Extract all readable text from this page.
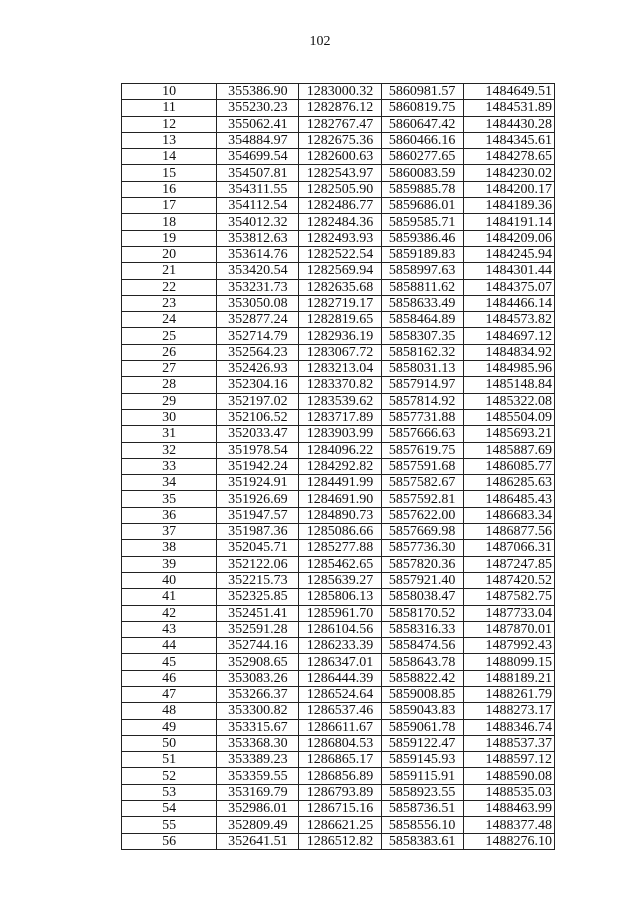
102
10	355386.90	1283000.32	5860981.57	1484649.51
11	355230.23	1282876.12	5860819.75	1484531.89
12	355062.41	1282767.47	5860647.42	1484430.28
13	354884.97	1282675.36	5860466.16	1484345.61
14	354699.54	1282600.63	5860277.65	1484278.65
15	354507.81	1282543.97	5860083.59	1484230.02
16	354311.55	1282505.90	5859885.78	1484200.17
17	354112.54	1282486.77	5859686.01	1484189.36
18	354012.32	1282484.36	5859585.71	1484191.14
19	353812.63	1282493.93	5859386.46	1484209.06
20	353614.76	1282522.54	5859189.83	1484245.94
21	353420.54	1282569.94	5858997.63	1484301.44
22	353231.73	1282635.68	5858811.62	1484375.07
23	353050.08	1282719.17	5858633.49	1484466.14
24	352877.24	1282819.65	5858464.89	1484573.82
25	352714.79	1282936.19	5858307.35	1484697.12
26	352564.23	1283067.72	5858162.32	1484834.92
27	352426.93	1283213.04	5858031.13	1484985.96
28	352304.16	1283370.82	5857914.97	1485148.84
29	352197.02	1283539.62	5857814.92	1485322.08
30	352106.52	1283717.89	5857731.88	1485504.09
31	352033.47	1283903.99	5857666.63	1485693.21
32	351978.54	1284096.22	5857619.75	1485887.69
33	351942.24	1284292.82	5857591.68	1486085.77
34	351924.91	1284491.99	5857582.67	1486285.63
35	351926.69	1284691.90	5857592.81	1486485.43
36	351947.57	1284890.73	5857622.00	1486683.34
37	351987.36	1285086.66	5857669.98	1486877.56
38	352045.71	1285277.88	5857736.30	1487066.31
39	352122.06	1285462.65	5857820.36	1487247.85
40	352215.73	1285639.27	5857921.40	1487420.52
41	352325.85	1285806.13	5858038.47	1487582.75
42	352451.41	1285961.70	5858170.52	1487733.04
43	352591.28	1286104.56	5858316.33	1487870.01
44	352744.16	1286233.39	5858474.56	1487992.43
45	352908.65	1286347.01	5858643.78	1488099.15
46	353083.26	1286444.39	5858822.42	1488189.21
47	353266.37	1286524.64	5859008.85	1488261.79
48	353300.82	1286537.46	5859043.83	1488273.17
49	353315.67	1286611.67	5859061.78	1488346.74
50	353368.30	1286804.53	5859122.47	1488537.37
51	353389.23	1286865.17	5859145.93	1488597.12
52	353359.55	1286856.89	5859115.91	1488590.08
53	353169.79	1286793.89	5858923.55	1488535.03
54	352986.01	1286715.16	5858736.51	1488463.99
55	352809.49	1286621.25	5858556.10	1488377.48
56	352641.51	1286512.82	5858383.61	1488276.10
